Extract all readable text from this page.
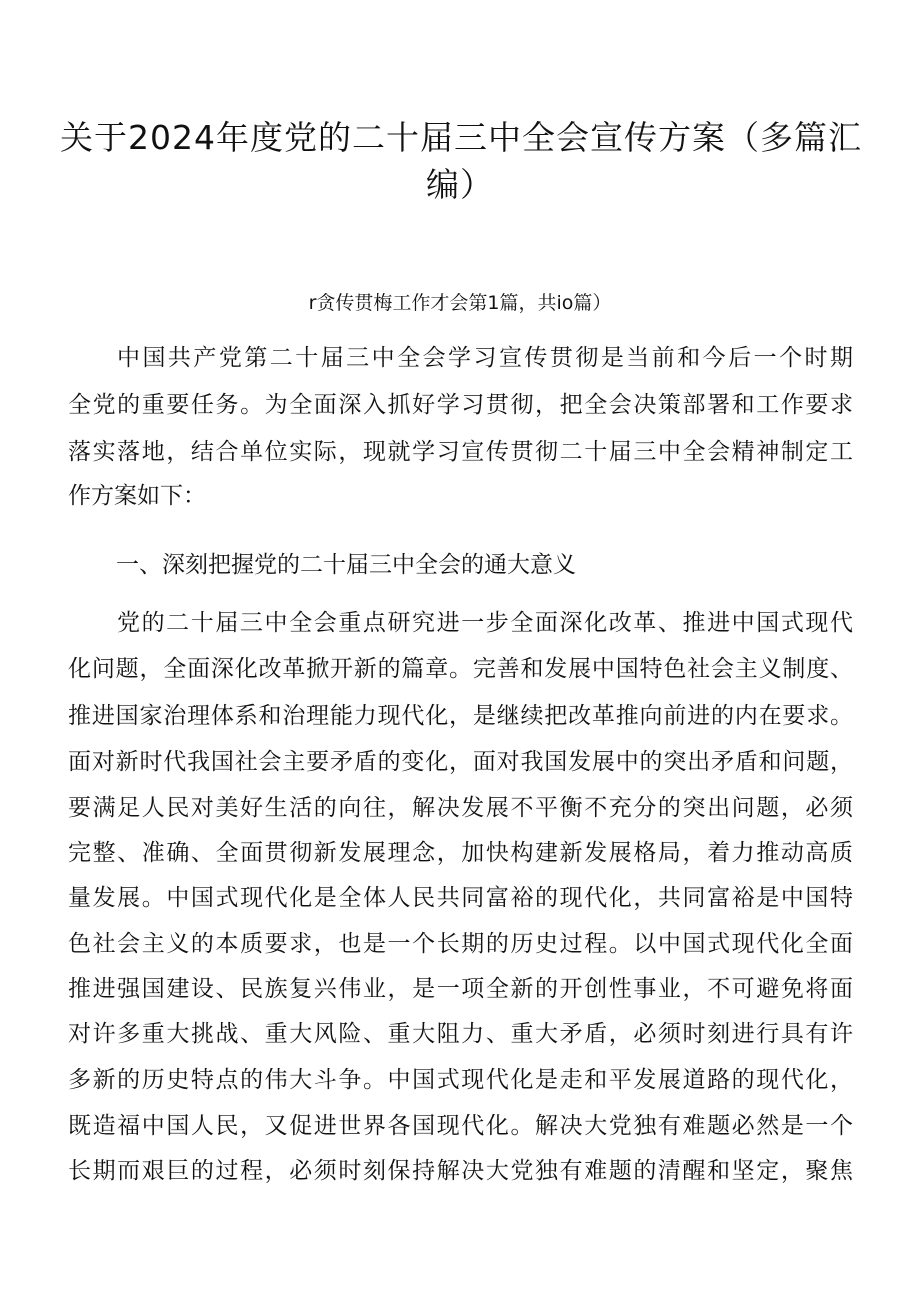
关于2024年度党的二十届三中全会宣传方案（多篇汇
编）
r贪传贯梅工作才会第1篇，共io篇）
中国共产党第二十届三中全会学习宣传贯彻是当前和今后一个时期
全党的重要任务。为全面深入抓好学习贯彻，把全会决策部署和工作要求
落实落地，结合单位实际，现就学习宣传贯彻二十届三中全会精神制定工
作方案如下：
一、深刻把握党的二十届三中全会的通大意义
党的二十届三中全会重点研究进一步全面深化改革、推进中国式现代
化问题，全面深化改革掀开新的篇章。完善和发展中国特色社会主义制度、
推进国家治理体系和治理能力现代化，是继续把改革推向前进的内在要求。
面对新时代我国社会主要矛盾的变化，面对我国发展中的突出矛盾和问题，
要满足人民对美好生活的向往，解决发展不平衡不充分的突出问题，必须
完整、准确、全面贯彻新发展理念，加快构建新发展格局，着力推动高质
量发展。中国式现代化是全体人民共同富裕的现代化，共同富裕是中国特
色社会主义的本质要求，也是一个长期的历史过程。以中国式现代化全面
推进强国建设、民族复兴伟业，是一项全新的开创性事业，不可避免将面
对许多重大挑战、重大风险、重大阻力、重大矛盾，必须时刻进行具有许
多新的历史特点的伟大斗争。中国式现代化是走和平发展道路的现代化，
既造福中国人民，又促进世界各国现代化。解决大党独有难题必然是一个
长期而艰巨的过程，必须时刻保持解决大党独有难题的清醒和坚定，聚焦
